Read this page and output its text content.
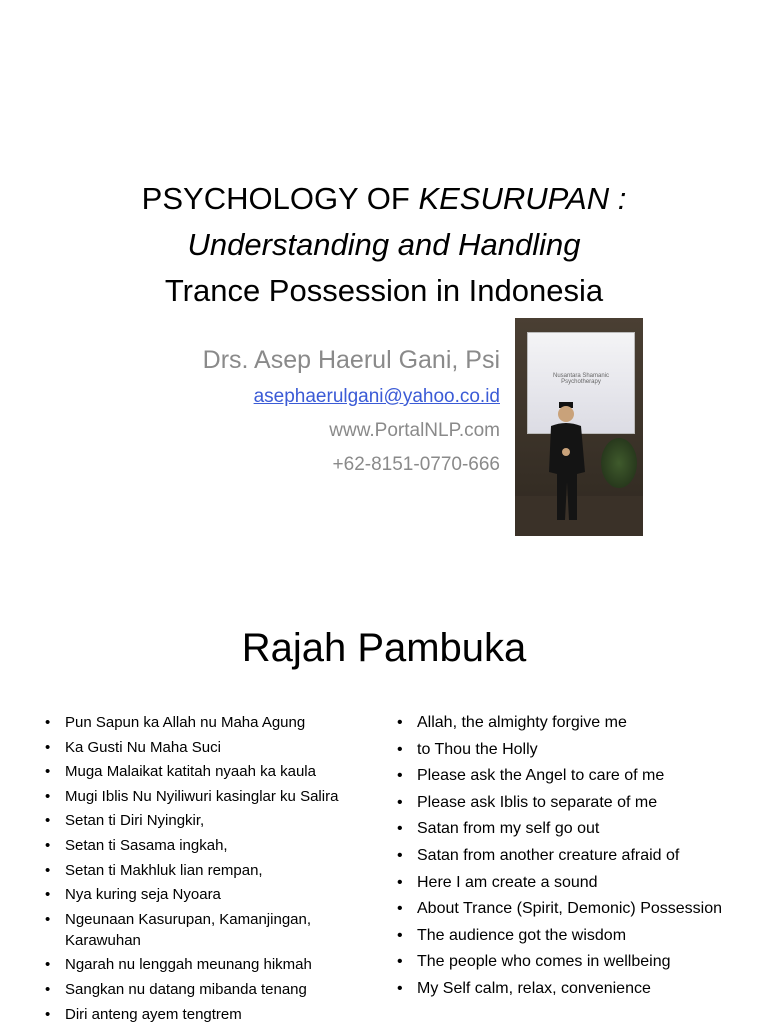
PSYCHOLOGY OF KESURUPAN :
Understanding and Handling
Trance Possession in Indonesia
Drs. Asep Haerul Gani, Psi
asephaerulgani@yahoo.co.id
www.PortalNLP.com
+62-8151-0770-666
Nusantara Shamanic Psychotherapy
Rajah Pambuka
• Pun Sapun ka Allah nu Maha Agung
• Ka Gusti Nu Maha Suci
• Muga Malaikat katitah nyaah ka kaula
• Mugi Iblis Nu Nyiliwuri kasinglar ku Salira
• Setan ti Diri Nyingkir,
• Setan ti Sasama ingkah,
• Setan ti Makhluk lian rempan,
• Nya kuring seja Nyoara
• Ngeunaan Kasurupan, Kamanjingan, Karawuhan
• Ngarah nu lenggah meunang hikmah
• Sangkan nu datang mibanda tenang
• Diri anteng ayem tengtrem
• Allah, the almighty forgive me
• to Thou the Holly
• Please ask the Angel to care of me
• Please ask Iblis to separate of me
• Satan from my self go out
• Satan from another creature afraid of
• Here I am create a sound
• About Trance (Spirit, Demonic) Possession
• The audience got the wisdom
• The people who comes in wellbeing
• My Self calm, relax, convenience
